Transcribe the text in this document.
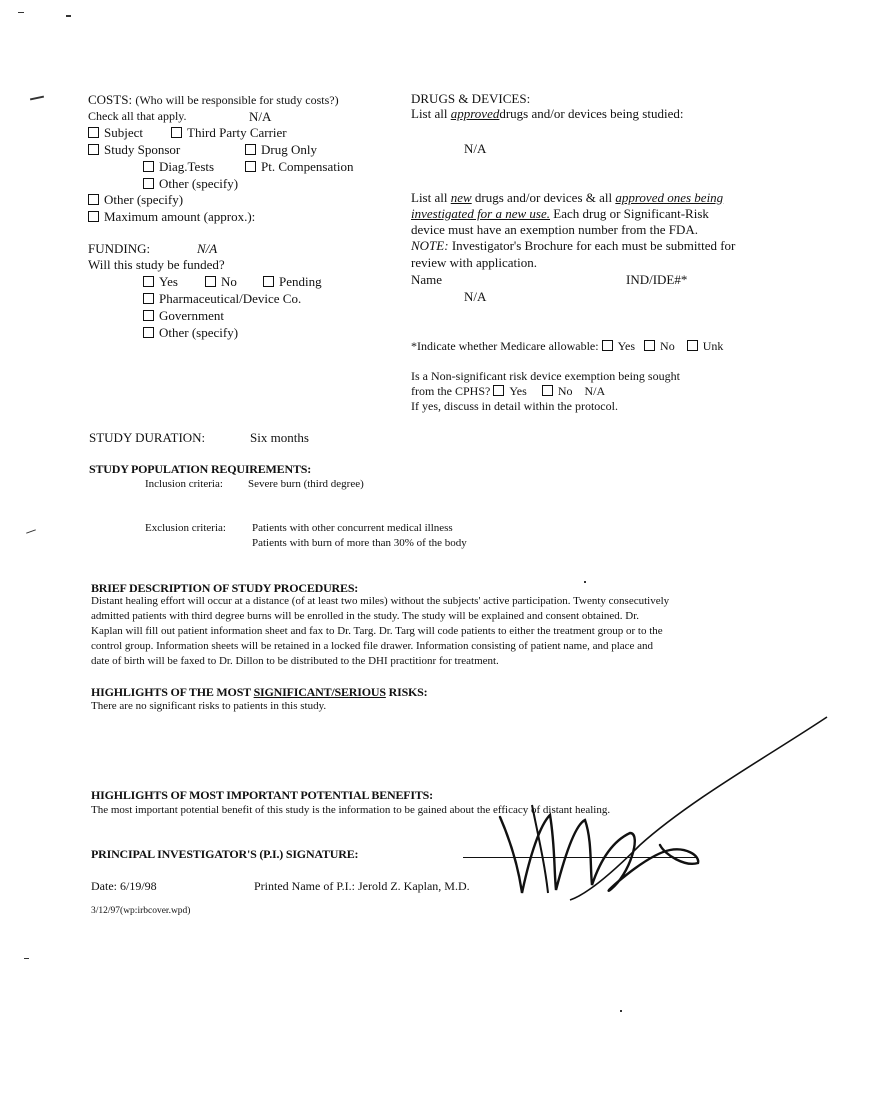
COSTS: (Who will be responsible for study costs?)
Check all that apply.	N/A
Subject	Third Party Carrier
Study Sponsor	Drug Only
Diag.Tests	Pt. Compensation
Other (specify)
Other (specify)
Maximum amount (approx.):
FUNDING:	N/A
Will this study be funded?
Yes	No	Pending
Pharmaceutical/Device Co.
Government
Other (specify)
DRUGS & DEVICES:
List all approveddrugs and/or devices being studied:
N/A
List all new drugs and/or devices & all approved ones being
investigated for a new use. Each drug or Significant-Risk
device must have an exemption number from the FDA.
NOTE: Investigator's Brochure for each must be submitted for
review with application.
Name	IND/IDE#*
N/A
*Indicate whether Medicare allowable: Yes No Unk
Is a Non-significant risk device exemption being sought
from the CPHS? Yes	No N/A
If yes, discuss in detail within the protocol.
STUDY DURATION:	Six months
STUDY POPULATION REQUIREMENTS:
Inclusion criteria: Severe burn (third degree)
Exclusion criteria: Patients with other concurrent medical illness
Patients with burn of more than 30% of the body
BRIEF DESCRIPTION OF STUDY PROCEDURES:
Distant healing effort will occur at a distance (of at least two miles) without the subjects' active participation. Twenty consecutively
admitted patients with third degree burns will be enrolled in the study. The study will be explained and consent obtained. Dr.
Kaplan will fill out patient information sheet and fax to Dr. Targ. Dr. Targ will code patients to either the treatment group or to the
control group. Information sheets will be retained in a locked file drawer. Information consisting of patient name, and place and
date of birth will be faxed to Dr. Dillon to be distributed to the DHI practitionr for treatment.
HIGHLIGHTS OF THE MOST SIGNIFICANT/SERIOUS RISKS:
There are no significant risks to patients in this study.
HIGHLIGHTS OF MOST IMPORTANT POTENTIAL BENEFITS:
The most important potential benefit of this study is the information to be gained about the efficacy of distant healing.
PRINCIPAL INVESTIGATOR'S (P.I.) SIGNATURE:
Date: 6/19/98	Printed Name of P.I.: Jerold Z. Kaplan, M.D.
3/12/97(wp:irbcover.wpd)
